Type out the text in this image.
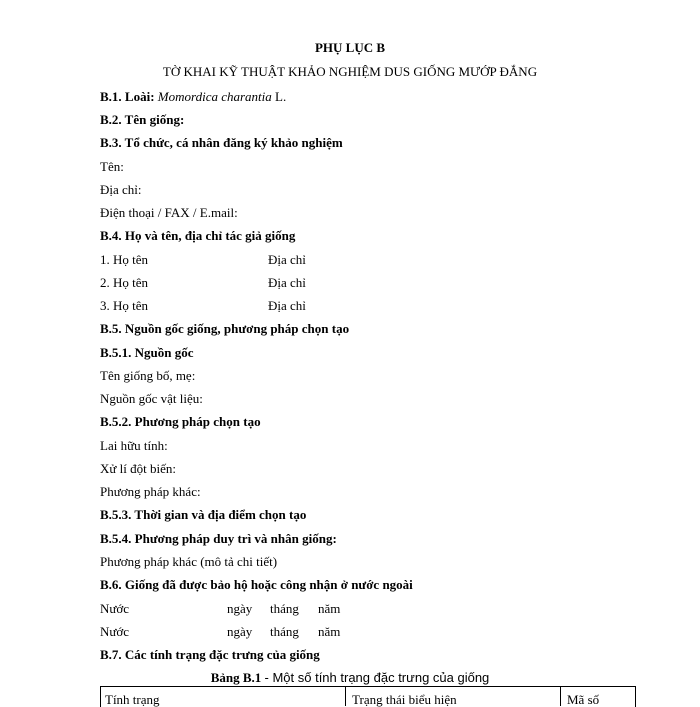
PHỤ LỤC B
TỜ KHAI KỸ THUẬT KHẢO NGHIỆM DUS GIỐNG MƯỚP ĐẮNG
B.1. Loài: Momordica charantia L.
B.2. Tên giống:
B.3. Tổ chức, cá nhân đăng ký khảo nghiệm
Tên:
Địa chỉ:
Điện thoại / FAX / E.mail:
B.4. Họ và tên, địa chỉ tác giả giống
1. Họ tên	Địa chỉ
2. Họ tên	Địa chỉ
3. Họ tên	Địa chỉ
B.5. Nguồn gốc giống, phương pháp chọn tạo
B.5.1. Nguồn gốc
Tên giống bố, mẹ:
Nguồn gốc vật liệu:
B.5.2. Phương pháp chọn tạo
Lai hữu tính:
Xử lí đột biến:
Phương pháp khác:
B.5.3. Thời gian và địa điểm chọn tạo
B.5.4. Phương pháp duy trì và nhân giống:
Phương pháp khác (mô tả chi tiết)
B.6. Giống đã được bảo hộ hoặc công nhận ở nước ngoài
Nước	ngày tháng năm
Nước	ngày tháng năm
B.7. Các tính trạng đặc trưng của giống
Bảng B.1 - Một số tính trạng đặc trưng của giống
Tính trạng	Trạng thái biểu hiện	Mã số
